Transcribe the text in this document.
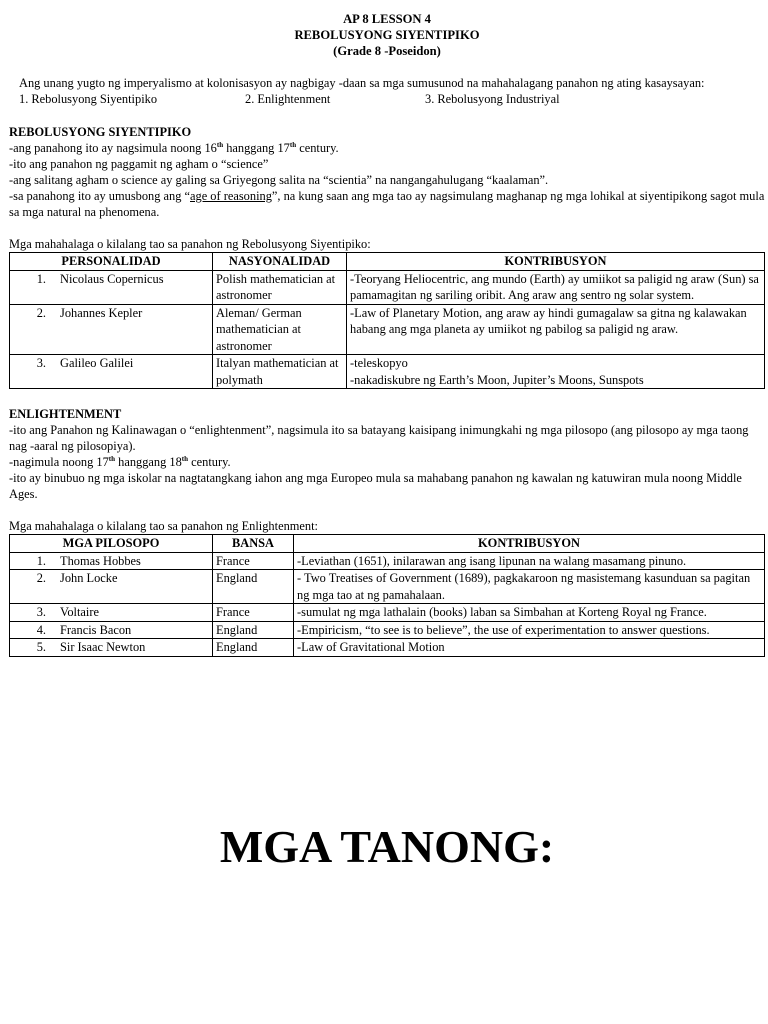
AP 8 LESSON 4
REBOLUSYONG SIYENTIPIKO
(Grade 8 -Poseidon)

Ang unang yugto ng imperyalismo at kolonisasyon ay nagbigay -daan sa mga sumusunod na mahahalagang panahon ng ating kasaysayan:

1. Rebolusyong Siyentipiko	2. Enlightenment	3. Rebolusyong Industriyal
REBOLUSYONG SIYENTIPIKO

-ang panahong ito ay nagsimula noong 16th hanggang 17th century.

-ito ang panahon ng paggamit ng agham o “science”

-ang salitang agham o science ay galing sa Griyegong salita na “scientia” na nangangahulugang “kaalaman”.

-sa panahong ito ay umusbong ang “age of reasoning”, na kung saan ang mga tao ay nagsimulang maghanap ng mga lohikal at siyentipikong sagot mula sa mga natural na phenomena.

Mga mahahalaga o kilalang tao sa panahon ng Rebolusyong Siyentipiko:

PERSONALIDAD	NASYONALIDAD	KONTRIBUSYON
1. Nicolaus Copernicus	Polish mathematician at astronomer	-Teoryang Heliocentric, ang mundo (Earth) ay umiikot sa paligid ng araw (Sun) sa pamamagitan ng sariling oribit. Ang araw ang sentro ng solar system.
2. Johannes Kepler	Aleman/ German mathematician at astronomer	-Law of Planetary Motion, ang araw ay hindi gumagalaw sa gitna ng kalawakan habang ang mga planeta ay umiikot ng pabilog sa paligid ng araw.
3. Galileo Galilei	Italyan mathematician at polymath	-teleskopyo
-nakadiskubre ng Earth’s Moon, Jupiter’s Moons, Sunspots
ENLIGHTENMENT

-ito ang Panahon ng Kalinawagan o “enlightenment”, nagsimula ito sa batayang kaisipang inimungkahi ng mga pilosopo (ang pilosopo ay mga taong nag -aaral ng pilosopiya).

-nagimula noong 17th hanggang 18th century.

-ito ay binubuo ng mga iskolar na nagtatangkang iahon ang mga Europeo mula sa mahabang panahon ng kawalan ng katuwiran mula noong Middle Ages.

Mga mahahalaga o kilalang tao sa panahon ng Enlightenment:

MGA PILOSOPO	BANSA	KONTRIBUSYON
1. Thomas Hobbes	France	-Leviathan (1651), inilarawan ang isang lipunan na walang masamang pinuno.
2. John Locke	England	- Two Treatises of Government (1689), pagkakaroon ng masistemang kasunduan sa pagitan ng mga tao at ng pamahalaan.
3. Voltaire	France	-sumulat ng mga lathalain (books) laban sa Simbahan at Korteng Royal ng France.
4. Francis Bacon	England	-Empiricism, “to see is to believe”, the use of experimentation to answer questions.
5. Sir Isaac Newton	England	-Law of Gravitational Motion
MGA TANONG:
